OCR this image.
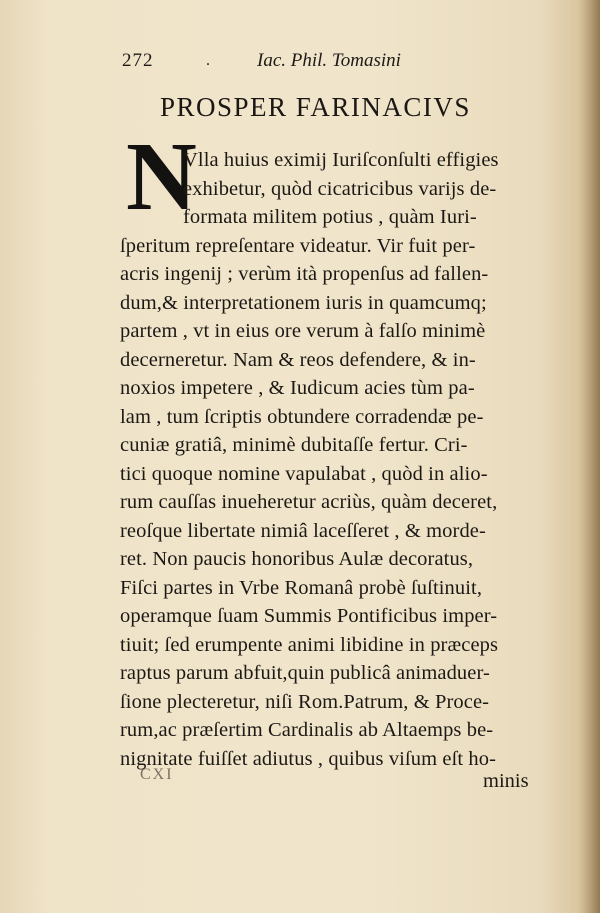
272	. Iac. Phil. Tomasini
PROSPER FARINACIVS
N
Vlla huius eximij Iuriſconſulti effigies
exhibetur, quòd cicatricibus varijs de-
formata militem potius , quàm Iuri-
ſperitum repreſentare videatur. Vir fuit per-
acris ingenij ; verùm ità propenſus ad fallen-
dum,& interpretationem iuris in quamcumq;
partem , vt in eius ore verum à falſo minimè
decerneretur. Nam & reos defendere, & in-
noxios impetere , & Iudicum acies tùm pa-
lam , tum ſcriptis obtundere corradendæ pe-
cuniæ gratiâ, minimè dubitaſſe fertur. Cri-
tici quoque nomine vapulabat , quòd in alio-
rum cauſſas inueheretur acriùs, quàm deceret,
reoſque libertate nimiâ laceſſeret , & morde-
ret. Non paucis honoribus Aulæ decoratus,
Fiſci partes in Vrbe Romanâ probè ſuſtinuit,
operamque ſuam Summis Pontificibus imper-
tiuit; ſed erumpente animi libidine in præceps
raptus parum abfuit,quin publicâ animaduer-
ſione plecteretur, niſi Rom.Patrum, & Proce-
rum,ac præſertim Cardinalis ab Altaemps be-
nignitate fuiſſet adiutus , quibus viſum eſt ho-
CXI	minis
